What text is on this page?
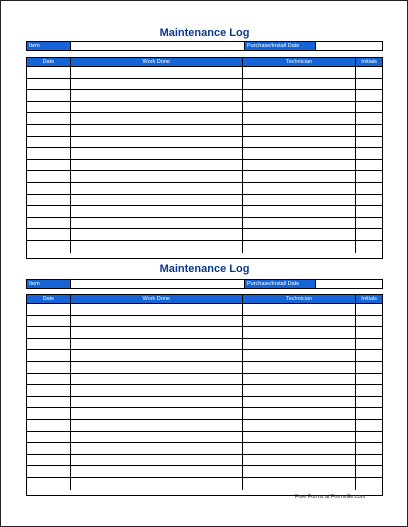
Maintenance Log
Item	Purchase/Install Date
Date	Work Done	Technician	Initials
Maintenance Log
Item	Purchase/Install Date
Date	Work Done	Technician	Initials
Free Forms at Formville.com
